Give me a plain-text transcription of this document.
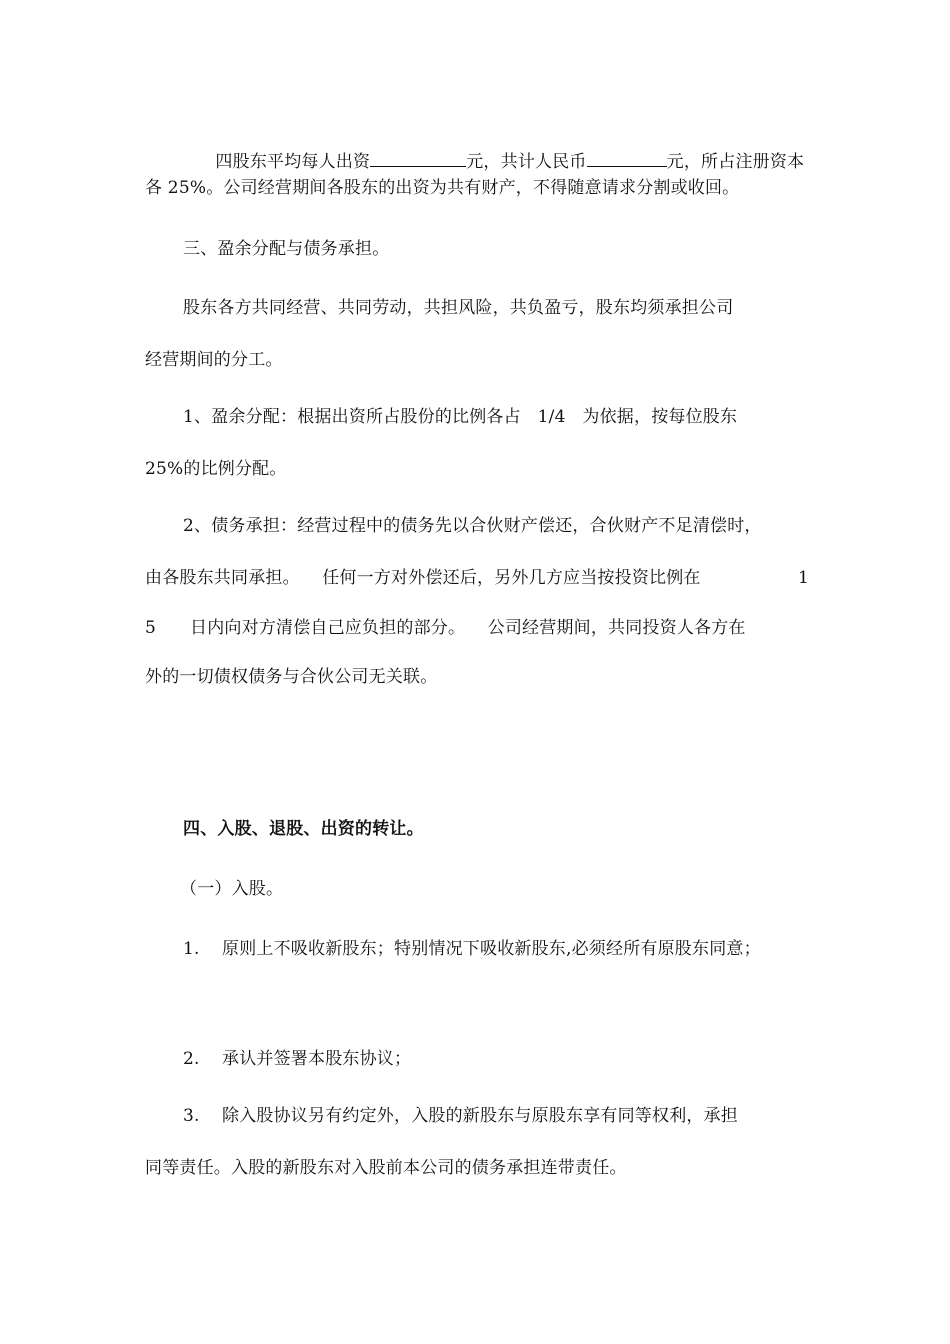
四股东平均每人出资	元，共计人民币	元，所占注册资本

各 25%。公司经营期间各股东的出资为共有财产，不得随意请求分割或收回。
三、盈余分配与债务承担。
股东各方共同经营、共同劳动，共担风险，共负盈亏，股东均须承担公司
经营期间的分工。
1、盈余分配：根据出资所占股份的比例各占   1/4   为依据，按每位股东
25%的比例分配。
2、债务承担：经营过程中的债务先以合伙财产偿还，合伙财产不足清偿时，
由各股东共同承担。    任何一方对外偿还后，另外几方应当按投资比例在	1
5 日内向对方清偿自己应负担的部分。    公司经营期间，共同投资人各方在
外的一切债权债务与合伙公司无关联。
四、入股、退股、出资的转让。
（一）入股。
1. 原则上不吸收新股东；特别情况下吸收新股东,必须经所有原股东同意；
2. 承认并签署本股东协议；
3. 除入股协议另有约定外，入股的新股东与原股东享有同等权利，承担
同等责任。入股的新股东对入股前本公司的债务承担连带责任。
